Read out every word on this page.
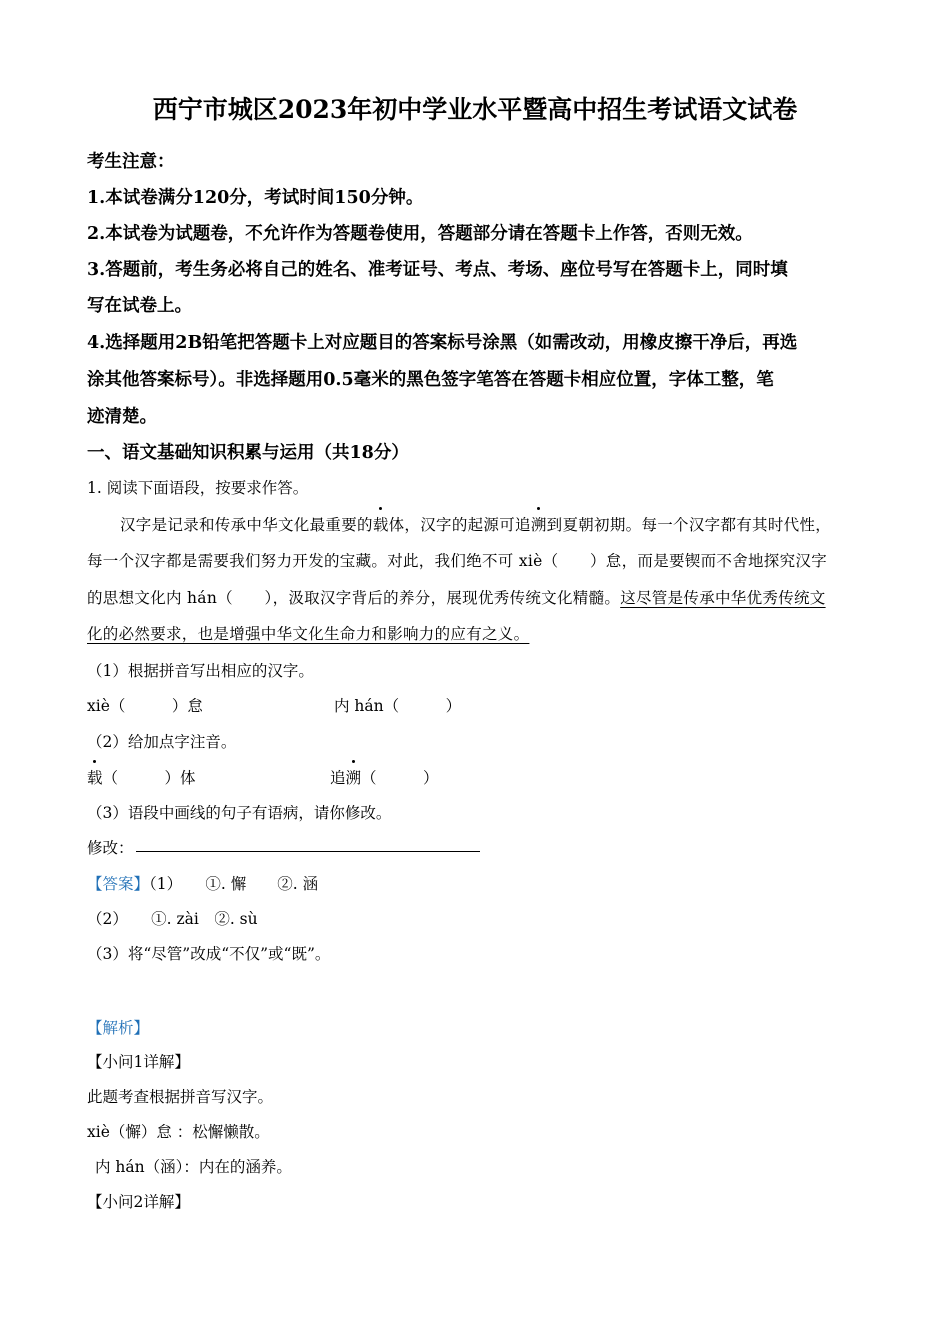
西宁市城区2023年初中学业水平暨高中招生考试语文试卷
考生注意：
1.本试卷满分120分，考试时间150分钟。
2.本试卷为试题卷，不允许作为答题卷使用，答题部分请在答题卡上作答，否则无效。
3.答题前，考生务必将自己的姓名、准考证号、考点、考场、座位号写在答题卡上，同时填
写在试卷上。
4.选择题用2B铅笔把答题卡上对应题目的答案标号涂黑（如需改动，用橡皮擦干净后，再选
涂其他答案标号）。非选择题用0.5毫米的黑色签字笔答在答题卡相应位置，字体工整，笔
迹清楚。
一、语文基础知识积累与运用（共18分）
1. 阅读下面语段，按要求作答。
汉字是记录和传承中华文化最重要的载体，汉字的起源可追溯到夏朝初期。每一个汉字都有其时代性，
每一个汉字都是需要我们努力开发的宝藏。对此，我们绝不可 xiè（　　）怠，而是要锲而不舍地探究汉字
的思想文化内 hán（　　），汲取汉字背后的养分，展现优秀传统文化精髓。这尽管是传承中华优秀传统文
化的必然要求，也是增强中华文化生命力和影响力的应有之义。
（1）根据拼音写出相应的汉字。
xiè（　　　）怠	内 hán（　　　）
（2）给加点字注音。
载（　　　）体	追溯（　　　）
（3）语段中画线的句子有语病，请你修改。
修改：
【答案】（1）　　①. 懈　　②. 涵
（2）　　①. zài　②. sù
（3）将“尽管”改成“不仅”或“既”。
【解析】
【小问1详解】
此题考查根据拼音写汉字。
xiè（懈）怠 ：松懈懒散。
内 hán（涵）：内在的涵养。
【小问2详解】
